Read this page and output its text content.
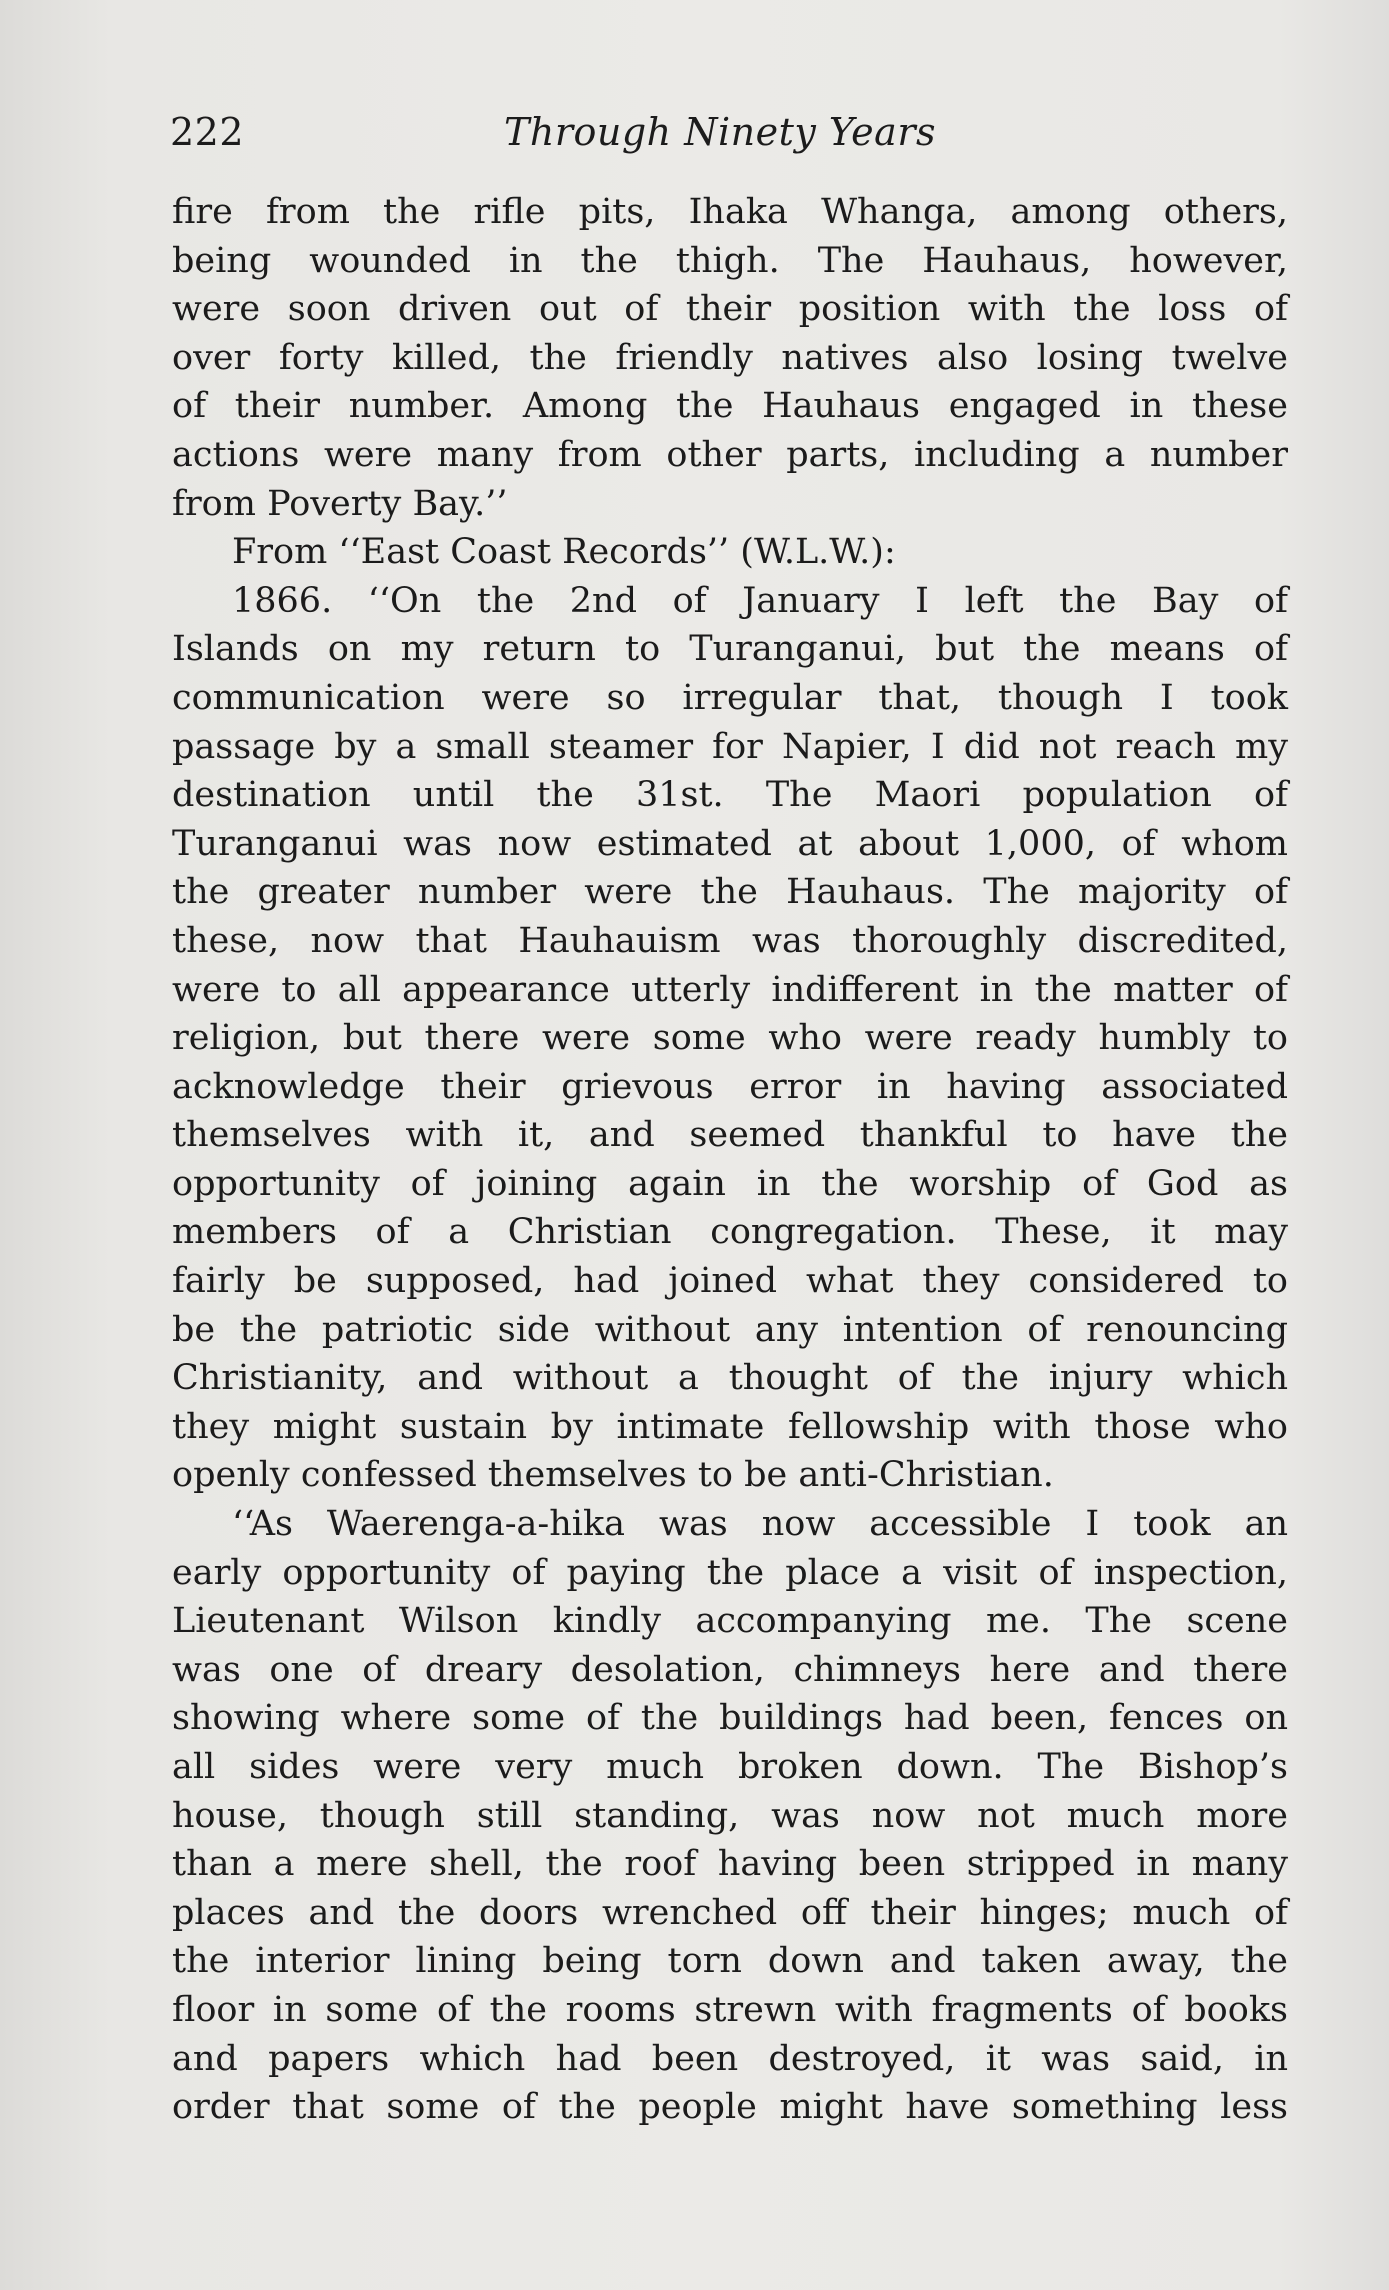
222	Through Ninety Years
fire from the rifle pits, Ihaka Whanga, among others,
being wounded in the thigh. The Hauhaus, however,
were soon driven out of their position with the loss of
over forty killed, the friendly natives also losing twelve
of their number. Among the Hauhaus engaged in these
actions were many from other parts, including a number
from Poverty Bay.’’
From ‘‘East Coast Records’’ (W.L.W.):
1866. ‘‘On the 2nd of January I left the Bay of
Islands on my return to Turanganui, but the means of
communication were so irregular that, though I took
passage by a small steamer for Napier, I did not reach my
destination until the 31st. The Maori population of
Turanganui was now estimated at about 1,000, of whom
the greater number were the Hauhaus. The majority of
these, now that Hauhauism was thoroughly discredited,
were to all appearance utterly indifferent in the matter of
religion, but there were some who were ready humbly to
acknowledge their grievous error in having associated
themselves with it, and seemed thankful to have the
opportunity of joining again in the worship of God as
members of a Christian congregation. These, it may
fairly be supposed, had joined what they considered to
be the patriotic side without any intention of renouncing
Christianity, and without a thought of the injury which
they might sustain by intimate fellowship with those who
openly confessed themselves to be anti-Christian.
‘‘As Waerenga-a-hika was now accessible I took an
early opportunity of paying the place a visit of inspection,
Lieutenant Wilson kindly accompanying me. The scene
was one of dreary desolation, chimneys here and there
showing where some of the buildings had been, fences on
all sides were very much broken down. The Bishop’s
house, though still standing, was now not much more
than a mere shell, the roof having been stripped in many
places and the doors wrenched off their hinges; much of
the interior lining being torn down and taken away, the
floor in some of the rooms strewn with fragments of books
and papers which had been destroyed, it was said, in
order that some of the people might have something less
